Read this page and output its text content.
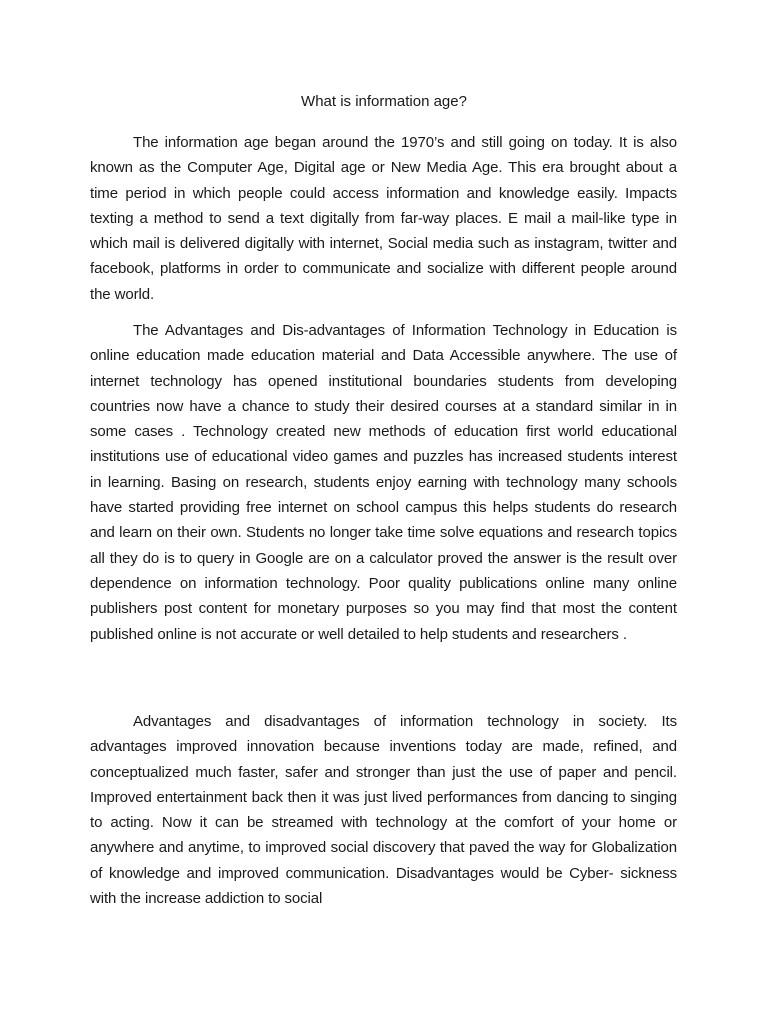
What is information age?

The information age began around the 1970’s and still going on today. It is also known as the Computer Age, Digital age or New Media Age. This era brought about a time period in which people could access information and knowledge easily. Impacts texting a method to send a text digitally from far-way places. E mail a mail-like type in which mail is delivered digitally with internet, Social media such as instagram, twitter and facebook, platforms in order to communicate and socialize with different people around the world.

The Advantages and Dis-advantages of Information Technology in Education is online education made education material and Data Accessible anywhere. The use of internet technology has opened institutional boundaries students from developing countries now have a chance to study their desired courses at a standard similar in in some cases . Technology created new methods of education first world educational institutions use of educational video games and puzzles has increased students interest in learning. Basing on research, students enjoy earning with technology many schools have started providing free internet on school campus this helps students do research and learn on their own. Students no longer take time solve equations and research topics all they do is to query in Google are on a calculator proved the answer is the result over dependence on information technology. Poor quality publications online many online publishers post content for monetary purposes so you may find that most the content published online is not accurate or well detailed to help students and researchers .

Advantages and disadvantages of information technology in society. Its advantages improved innovation because inventions today are made, refined, and conceptualized much faster, safer and stronger than just the use of paper and pencil. Improved entertainment back then it was just lived performances from dancing to singing to acting. Now it can be streamed with technology at the comfort of your home or anywhere and anytime, to improved social discovery that paved the way for Globalization of knowledge and improved communication. Disadvantages would be Cyber- sickness with the increase addiction to social
